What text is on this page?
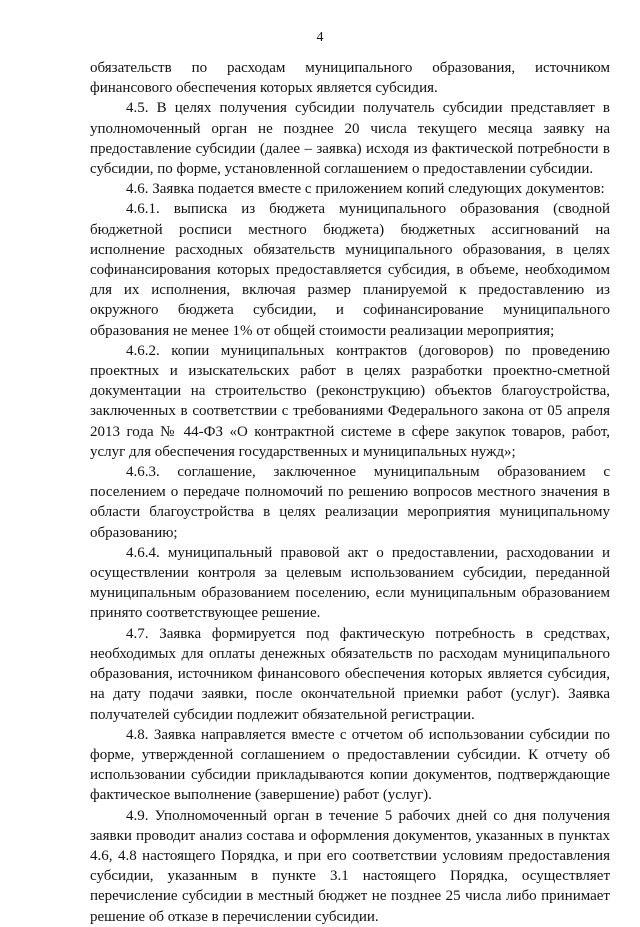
4

обязательств по расходам муниципального образования, источником финансового обеспечения которых является субсидия.

4.5. В целях получения субсидии получатель субсидии представляет в уполномоченный орган не позднее 20 числа текущего месяца заявку на предоставление субсидии (далее – заявка) исходя из фактической потребности в субсидии, по форме, установленной соглашением о предоставлении субсидии.

4.6. Заявка подается вместе с приложением копий следующих документов:

4.6.1. выписка из бюджета муниципального образования (сводной бюджетной росписи местного бюджета) бюджетных ассигнований на исполнение расходных обязательств муниципального образования, в целях софинансирования которых предоставляется субсидия, в объеме, необходимом для их исполнения, включая размер планируемой к предоставлению из окружного бюджета субсидии, и софинансирование муниципального образования не менее 1% от общей стоимости реализации мероприятия;

4.6.2. копии муниципальных контрактов (договоров) по проведению проектных и изыскательских работ в целях разработки проектно-сметной документации на строительство (реконструкцию) объектов благоустройства, заключенных в соответствии с требованиями Федерального закона от 05 апреля 2013 года № 44-ФЗ «О контрактной системе в сфере закупок товаров, работ, услуг для обеспечения государственных и муниципальных нужд»;

4.6.3. соглашение, заключенное муниципальным образованием с поселением о передаче полномочий по решению вопросов местного значения в области благоустройства в целях реализации мероприятия муниципальному образованию;

4.6.4. муниципальный правовой акт о предоставлении, расходовании и осуществлении контроля за целевым использованием субсидии, переданной муниципальным образованием поселению, если муниципальным образованием принято соответствующее решение.

4.7. Заявка формируется под фактическую потребность в средствах, необходимых для оплаты денежных обязательств по расходам муниципального образования, источником финансового обеспечения которых является субсидия, на дату подачи заявки, после окончательной приемки работ (услуг). Заявка получателей субсидии подлежит обязательной регистрации.

4.8. Заявка направляется вместе с отчетом об использовании субсидии по форме, утвержденной соглашением о предоставлении субсидии. К отчету об использовании субсидии прикладываются копии документов, подтверждающие фактическое выполнение (завершение) работ (услуг).

4.9. Уполномоченный орган в течение 5 рабочих дней со дня получения заявки проводит анализ состава и оформления документов, указанных в пунктах 4.6, 4.8 настоящего Порядка, и при его соответствии условиям предоставления субсидии, указанным в пункте 3.1 настоящего Порядка, осуществляет перечисление субсидии в местный бюджет не позднее 25 числа либо принимает решение об отказе в перечислении субсидии.
